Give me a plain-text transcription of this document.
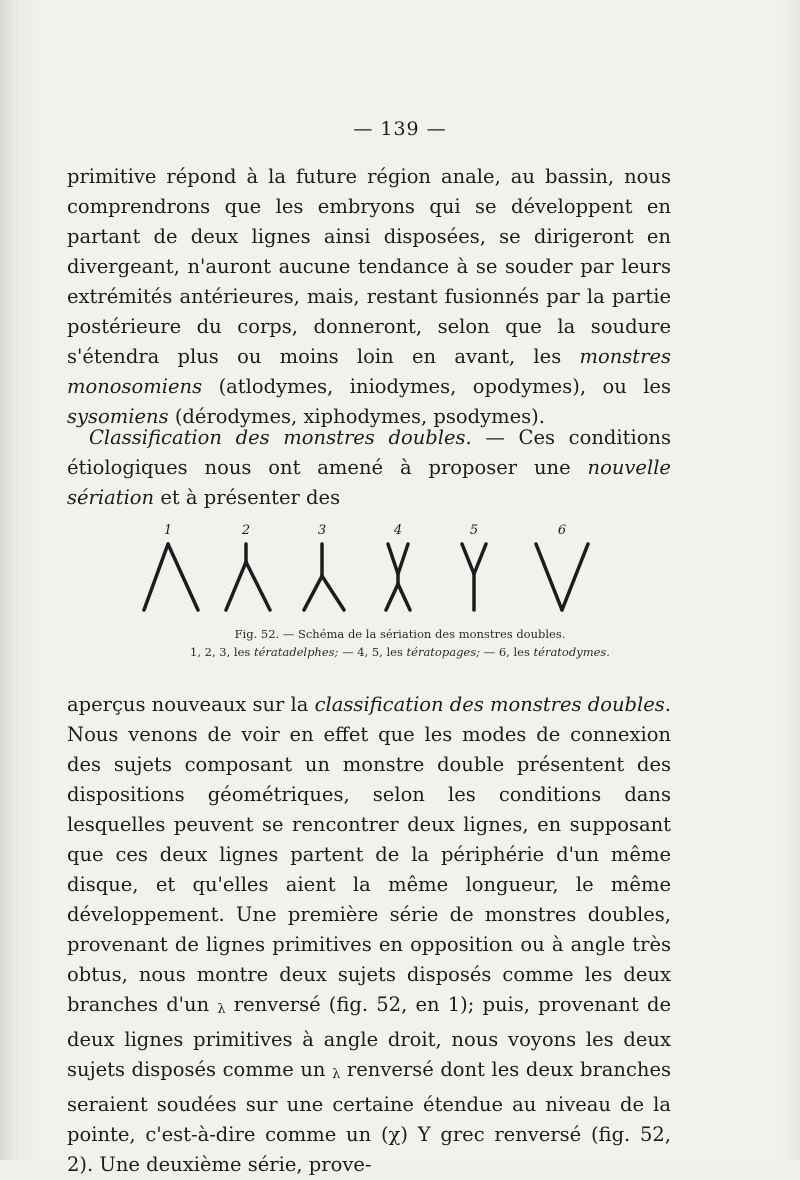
— 139 —

primitive répond à la future région anale, au bassin, nous comprendrons que les embryons qui se développent en partant de deux lignes ainsi disposées, se dirigeront en divergeant, n'auront aucune tendance à se souder par leurs extrémités antérieures, mais, restant fusionnés par la partie postérieure du corps, donneront, selon que la soudure s'étendra plus ou moins loin en avant, les monstres monosomiens (atlodymes, iniodymes, opodymes), ou les sysomiens (dérodymes, xiphodymes, psodymes).

Classification des monstres doubles. — Ces conditions étiologiques nous ont amené à proposer une nouvelle sériation et à présenter des

1	2	3	4	5	6
Fig. 52. — Schéma de la sériation des monstres doubles.
1, 2, 3, les tératadelphes; — 4, 5, les tératopages; — 6, les tératodymes.

aperçus nouveaux sur la classification des monstres doubles. Nous venons de voir en effet que les modes de connexion des sujets composant un monstre double présentent des dispositions géométriques, selon les conditions dans lesquelles peuvent se rencontrer deux lignes, en supposant que ces deux lignes partent de la périphérie d'un même disque, et qu'elles aient la même longueur, le même développement. Une première série de monstres doubles, provenant de lignes primitives en opposition ou à angle très obtus, nous montre deux sujets disposés comme les deux branches d'un λ renversé (fig. 52, en 1); puis, provenant de deux lignes primitives à angle droit, nous voyons les deux sujets disposés comme un λ renversé dont les deux branches seraient soudées sur une certaine étendue au niveau de la pointe, c'est-à-dire comme un (χ) Y grec renversé (fig. 52, 2). Une deuxième série, prove-
